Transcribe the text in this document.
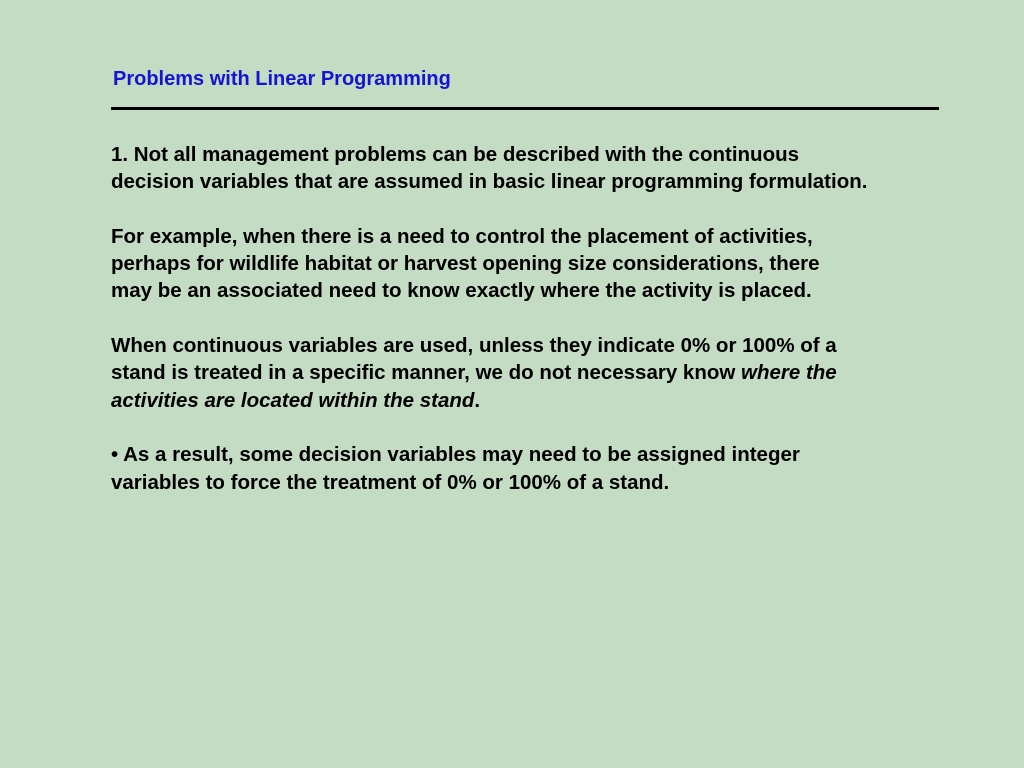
Problems with Linear Programming

1. Not all management problems can be described with the continuous
decision variables that are assumed in basic linear programming formulation.

For example, when there is a need to control the placement of activities,
perhaps for wildlife habitat or harvest opening size considerations, there
may be an associated need to know exactly where the activity is placed.

When continuous variables are used, unless they indicate 0% or 100% of a
stand is treated in a specific manner, we do not necessary know where the
activities are located within the stand.

• As a result, some decision variables may need to be assigned integer
variables to force the treatment of 0% or 100% of a stand.
